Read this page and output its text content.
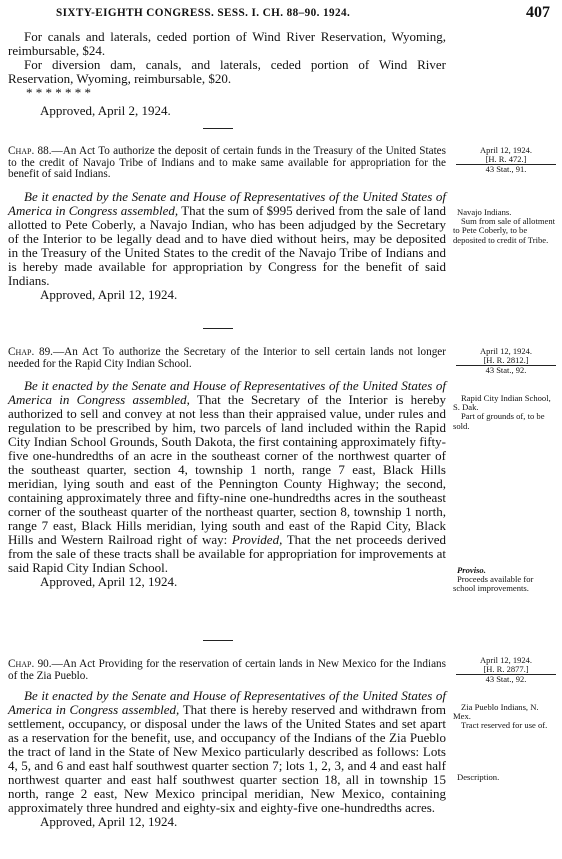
SIXTY-EIGHTH CONGRESS. SESS. I. CH. 88–90. 1924.	407

For canals and laterals, ceded portion of Wind River Reservation, Wyoming, reimbursable, $24.

For diversion dam, canals, and laterals, ceded portion of Wind River Reservation, Wyoming, reimbursable, $20.

* * * * * * *

Approved, April 2, 1924.

Chap. 88.—An Act To authorize the deposit of certain funds in the Treasury of the United States to the credit of Navajo Tribe of Indians and to make same available for appropriation for the benefit of said Indians.

April 12, 1924.
[H. R. 472.]
43 Stat., 91.

Be it enacted by the Senate and House of Representatives of the United States of America in Congress assembled, That the sum of $995 derived from the sale of land allotted to Pete Coberly, a Navajo Indian, who has been adjudged by the Secretary of the Interior to be legally dead and to have died without heirs, may be deposited in the Treasury of the United States to the credit of the Navajo Tribe of Indians and is hereby made available for appropriation by Congress for the benefit of said Indians.

Approved, April 12, 1924.

Navajo Indians.
Sum from sale of allotment to Pete Coberly, to be deposited to credit of Tribe.

Chap. 89.—An Act To authorize the Secretary of the Interior to sell certain lands not longer needed for the Rapid City Indian School.

April 12, 1924.
[H. R. 2812.]
43 Stat., 92.

Be it enacted by the Senate and House of Representatives of the United States of America in Congress assembled, That the Secretary of the Interior is hereby authorized to sell and convey at not less than their appraised value, under rules and regulation to be prescribed by him, two parcels of land included within the Rapid City Indian School Grounds, South Dakota, the first containing approximately fifty-five one-hundredths of an acre in the southeast corner of the northwest quarter of the southeast quarter, section 4, township 1 north, range 7 east, Black Hills meridian, lying south and east of the Pennington County Highway; the second, containing approximately three and fifty-nine one-hundredths acres in the southeast corner of the southeast quarter of the northeast quarter, section 8, township 1 north, range 7 east, Black Hills meridian, lying south and east of the Rapid City, Black Hills and Western Railroad right of way: Provided, That the net proceeds derived from the sale of these tracts shall be available for appropriation for improvements at said Rapid City Indian School.

Approved, April 12, 1924.

Rapid City Indian School, S. Dak.
Part of grounds of, to be sold.
Proviso.
Proceeds available for school improvements.

Chap. 90.—An Act Providing for the reservation of certain lands in New Mexico for the Indians of the Zia Pueblo.

April 12, 1924.
[H. R. 2877.]
43 Stat., 92.

Be it enacted by the Senate and House of Representatives of the United States of America in Congress assembled, That there is hereby reserved and withdrawn from settlement, occupancy, or disposal under the laws of the United States and set apart as a reservation for the benefit, use, and occupancy of the Indians of the Zia Pueblo the tract of land in the State of New Mexico particularly described as follows: Lots 4, 5, and 6 and east half southwest quarter section 7; lots 1, 2, 3, and 4 and east half northwest quarter and east half southwest quarter section 18, all in township 15 north, range 2 east, New Mexico principal meridian, New Mexico, containing approximately three hundred and eighty-six and eighty-five one-hundredths acres.

Approved, April 12, 1924.

Zia Pueblo Indians, N. Mex.
Tract reserved for use of.
Description.
